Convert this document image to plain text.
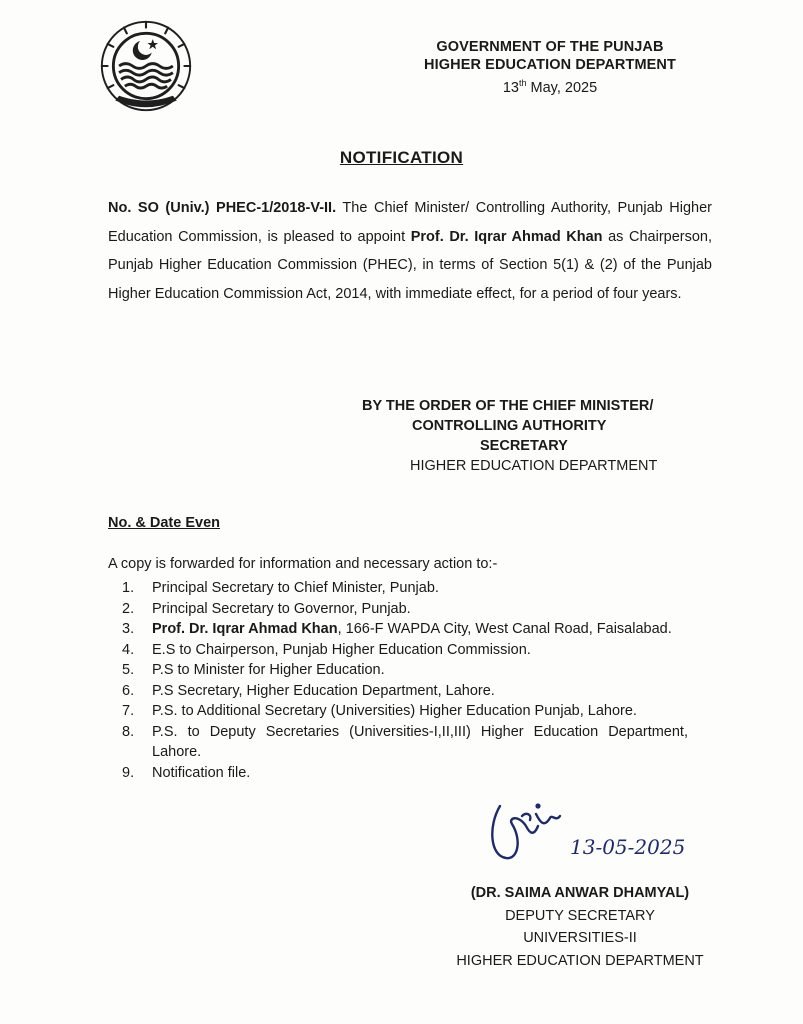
GOVERNMENT OF THE PUNJAB
HIGHER EDUCATION DEPARTMENT
13th May, 2025
NOTIFICATION
No. SO (Univ.) PHEC-1/2018-V-II. The Chief Minister/ Controlling Authority, Punjab Higher Education Commission, is pleased to appoint Prof. Dr. Iqrar Ahmad Khan as Chairperson, Punjab Higher Education Commission (PHEC), in terms of Section 5(1) & (2) of the Punjab Higher Education Commission Act, 2014, with immediate effect, for a period of four years.
BY THE ORDER OF THE CHIEF MINISTER/
CONTROLLING AUTHORITY
SECRETARY
HIGHER EDUCATION DEPARTMENT
No. & Date Even
A copy is forwarded for information and necessary action to:-
1. Principal Secretary to Chief Minister, Punjab.
2. Principal Secretary to Governor, Punjab.
3. Prof. Dr. Iqrar Ahmad Khan, 166-F WAPDA City, West Canal Road, Faisalabad.
4. E.S to Chairperson, Punjab Higher Education Commission.
5. P.S to Minister for Higher Education.
6. P.S Secretary, Higher Education Department, Lahore.
7. P.S. to Additional Secretary (Universities) Higher Education Punjab, Lahore.
8. P.S. to Deputy Secretaries (Universities-I,II,III) Higher Education Department, Lahore.
9. Notification file.
13-05-2025
(DR. SAIMA ANWAR DHAMYAL)
DEPUTY SECRETARY
UNIVERSITIES-II
HIGHER EDUCATION DEPARTMENT
